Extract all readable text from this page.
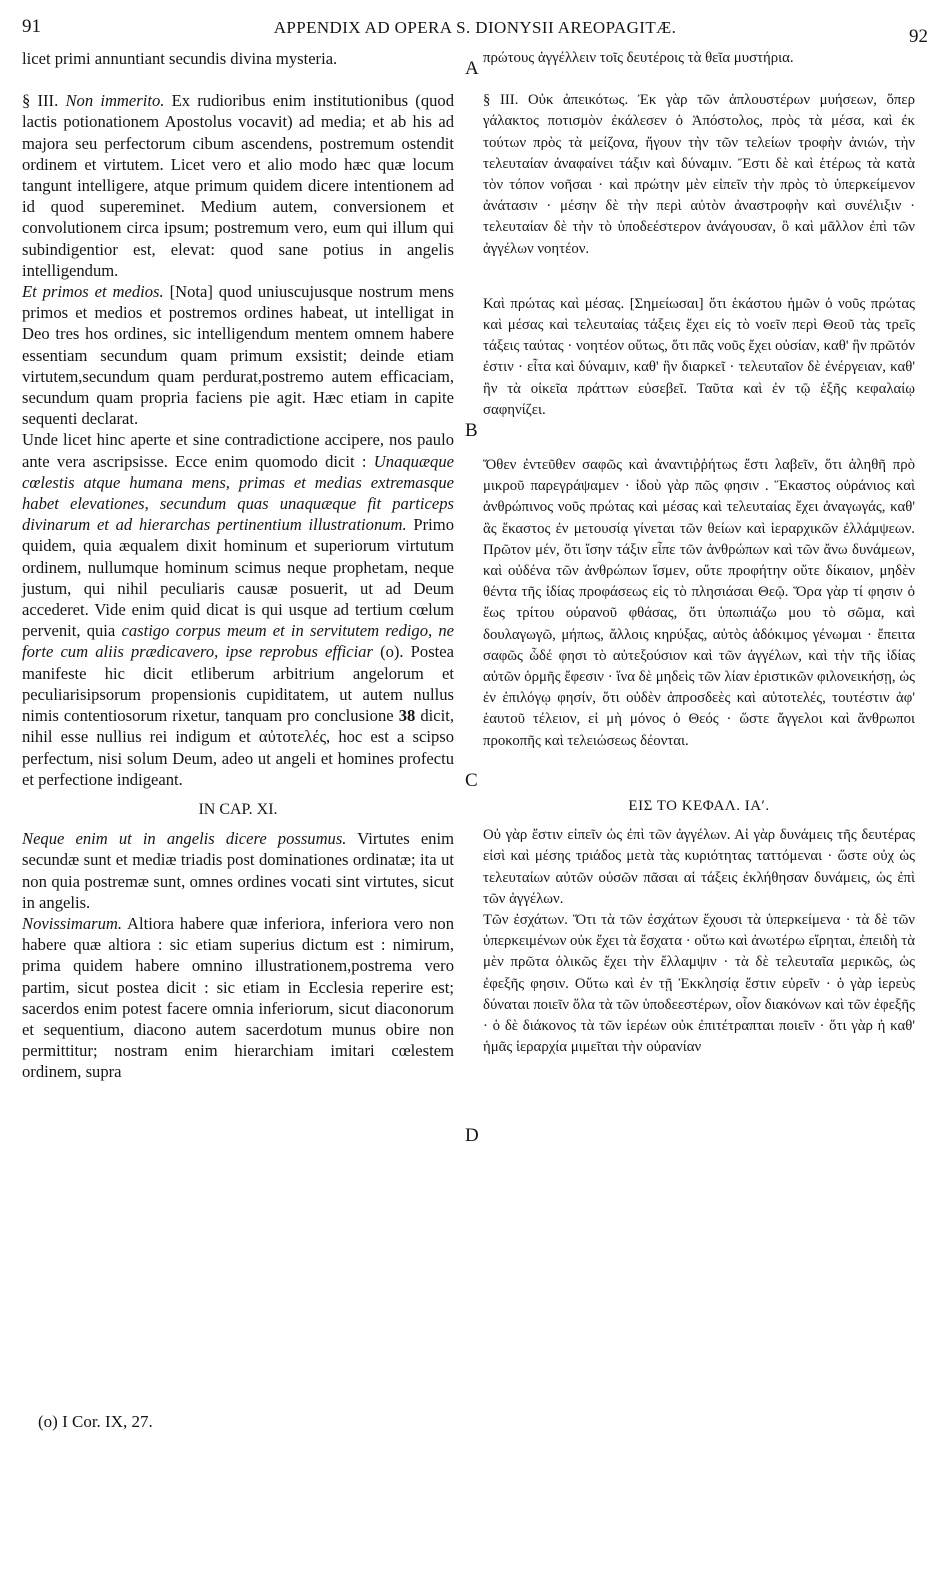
91	APPENDIX AD OPERA S. DIONYSII AREOPAGITÆ.	92

licet primi annuntiant secundis divina mysteria.

§ III. Non immerito. Ex rudioribus enim institutionibus (quod lactis potionationem Apostolus vocavit) ad media; et ab his ad majora seu perfectorum cibum ascendens, postremum ostendit ordinem et virtutem. Licet vero et alio modo hæc quæ locum tangunt intelligere, atque primum quidem dicere intentionem ad id quod supereminet. Medium autem, conversionem et convolutionem circa ipsum; postremum vero, eum qui illum qui subindigentior est, elevat: quod sane potius in angelis intelligendum.

Et primos et medios. [Nota] quod uniuscujusque nostrum mens primos et medios et postremos ordines habeat, ut intelligat in Deo tres hos ordines, sic intelligendum mentem omnem habere essentiam secundum quam primum exsistit; deinde etiam virtutem,secundum quam perdurat,postremo autem efficaciam, secundum quam propria faciens pie agit. Hæc etiam in capite sequenti declarat.

Unde licet hinc aperte et sine contradictione accipere, nos paulo ante vera ascripsisse. Ecce enim quomodo dicit : Unaquæque cœlestis atque humana mens, primas et medias extremasque habet elevationes, secundum quas unaquæque fit particeps divinarum et ad hierarchas pertinentium illustrationum. Primo quidem, quia æqualem dixit hominum et superiorum virtutum ordinem, nullumque hominum scimus neque prophetam, neque justum, qui nihil peculiaris causæ posuerit, ut ad Deum accederet. Vide enim quid dicat is qui usque ad tertium cœlum pervenit, quia castigo corpus meum et in servitutem redigo, ne forte cum aliis prædicavero, ipse reprobus efficiar (o). Postea manifeste hic dicit etliberum arbitrium angelorum et peculiarisipsorum propensionis cupiditatem, ut autem nullus nimis contentiosorum rixetur, tanquam pro conclusione 38 dicit, nihil esse nullius rei indigum et αὐτοτελές, hoc est a scipso perfectum, nisi solum Deum, adeo ut angeli et homines profectu et perfectione indigeant.

IN CAP. XI.

Neque enim ut in angelis dicere possumus. Virtutes enim secundæ sunt et mediæ triadis post dominationes ordinatæ; ita ut non quia postremæ sunt, omnes ordines vocati sint virtutes, sicut in angelis.

Novissimarum. Altiora habere quæ inferiora, inferiora vero non habere quæ altiora : sic etiam superius dictum est : nimirum, prima quidem habere omnino illustrationem,postrema vero partim, sicut postea dicit : sic etiam in Ecclesia reperire est; sacerdos enim potest facere omnia inferiorum, sicut diaconorum et sequentium, diacono autem sacerdotum munus obire non permittitur; nostram enim hierarchiam imitari cœlestem ordinem, supra

A
B
C
D

πρώτους ἀγγέλλειν τοῖς δευτέροις τὰ θεῖα μυστήρια.

§ III. Οὐκ ἀπεικότως. Ἐκ γὰρ τῶν ἁπλουστέρων μυήσεων, ὅπερ γάλακτος ποτισμὸν ἐκάλεσεν ὁ Ἀπόστολος, πρὸς τὰ μέσα, καὶ ἐκ τούτων πρὸς τὰ μείζονα, ἤγουν τὴν τῶν τελείων τροφὴν ἀνιών, τὴν τελευταίαν ἀναφαίνει τάξιν καὶ δύναμιν. Ἔστι δὲ καὶ ἑτέρως τὰ κατὰ τὸν τόπον νοῆσαι · καὶ πρώτην μὲν εἰπεῖν τὴν πρὸς τὸ ὑπερκείμενον ἀνάτασιν · μέσην δὲ τὴν περὶ αὐτὸν ἀναστροφὴν καὶ συνέλιξιν · τελευταίαν δὲ τὴν τὸ ὑποδεέστερον ἀνάγουσαν, ὃ καὶ μᾶλλον ἐπὶ τῶν ἀγγέλων νοητέον.

Καὶ πρώτας καὶ μέσας. [Σημείωσαι] ὅτι ἑκάστου ἡμῶν ὁ νοῦς πρώτας καὶ μέσας καὶ τελευταίας τάξεις ἔχει εἰς τὸ νοεῖν περὶ Θεοῦ τὰς τρεῖς τάξεις ταύτας · νοητέον οὕτως, ὅτι πᾶς νοῦς ἔχει οὐσίαν, καθ' ἣν πρῶτόν ἐστιν · εἶτα καὶ δύναμιν, καθ' ἣν διαρκεῖ · τελευταῖον δὲ ἐνέργειαν, καθ' ἣν τὰ οἰκεῖα πράττων εὐσεβεῖ. Ταῦτα καὶ ἐν τῷ ἑξῆς κεφαλαίῳ σαφηνίζει.

Ὅθεν ἐντεῦθεν σαφῶς καὶ ἀναντιῤῥήτως ἔστι λαβεῖν, ὅτι ἀληθῆ πρὸ μικροῦ παρεγράψαμεν · ἰδοὺ γὰρ πῶς φησιν . Ἕκαστος οὐράνιος καὶ ἀνθρώπινος νοῦς πρώτας καὶ μέσας καὶ τελευταίας ἔχει ἀναγωγάς, καθ' ἃς ἕκαστος ἐν μετουσίᾳ γίνεται τῶν θείων καὶ ἱεραρχικῶν ἐλλάμψεων. Πρῶτον μέν, ὅτι ἴσην τάξιν εἶπε τῶν ἀνθρώπων καὶ τῶν ἄνω δυνάμεων, καὶ οὐδένα τῶν ἀνθρώπων ἴσμεν, οὔτε προφήτην οὔτε δίκαιον, μηδὲν θέντα τῆς ἰδίας προφάσεως εἰς τὸ πλησιάσαι Θεῷ. Ὅρα γὰρ τί φησιν ὁ ἕως τρίτου οὐρανοῦ φθάσας, ὅτι ὑπωπιάζω μου τὸ σῶμα, καὶ δουλαγωγῶ, μήπως, ἄλλοις κηρύξας, αὐτὸς ἀδόκιμος γένωμαι · ἔπειτα σαφῶς ὧδέ φησι τὸ αὐτεξούσιον καὶ τῶν ἀγγέλων, καὶ τὴν τῆς ἰδίας αὐτῶν ὁρμῆς ἔφεσιν · ἵνα δὲ μηδεὶς τῶν λίαν ἐριστικῶν φιλονεικήσῃ, ὡς ἐν ἐπιλόγῳ φησίν, ὅτι οὐδὲν ἀπροσδεὲς καὶ αὐτοτελές, τουτέστιν ἀφ' ἑαυτοῦ τέλειον, εἰ μὴ μόνος ὁ Θεός · ὥστε ἄγγελοι καὶ ἄνθρωποι προκοπῆς καὶ τελειώσεως δέονται.

ΕΙΣ ΤΟ ΚΕΦΑΛ. ΙΑʹ.

Οὐ γὰρ ἔστιν εἰπεῖν ὡς ἐπὶ τῶν ἀγγέλων. Αἱ γὰρ δυνάμεις τῆς δευτέρας εἰσὶ καὶ μέσης τριάδος μετὰ τὰς κυριότητας ταττόμεναι · ὥστε οὐχ ὡς τελευταίων αὐτῶν οὐσῶν πᾶσαι αἱ τάξεις ἐκλήθησαν δυνάμεις, ὡς ἐπὶ τῶν ἀγγέλων.

Τῶν ἐσχάτων. Ὅτι τὰ τῶν ἐσχάτων ἔχουσι τὰ ὑπερκείμενα · τὰ δὲ τῶν ὑπερκειμένων οὐκ ἔχει τὰ ἔσχατα · οὕτω καὶ ἀνωτέρω εἴρηται, ἐπειδὴ τὰ μὲν πρῶτα ὁλικῶς ἔχει τὴν ἔλλαμψιν · τὰ δὲ τελευταῖα μερικῶς, ὡς ἐφεξῆς φησιν. Οὕτω καὶ ἐν τῇ Ἐκκλησίᾳ ἔστιν εὑρεῖν · ὁ γὰρ ἱερεὺς δύναται ποιεῖν ὅλα τὰ τῶν ὑποδεεστέρων, οἷον διακόνων καὶ τῶν ἐφεξῆς · ὁ δὲ διάκονος τὰ τῶν ἱερέων οὐκ ἐπιτέτραπται ποιεῖν · ὅτι γὰρ ἡ καθ' ἡμᾶς ἱεραρχία μιμεῖται τὴν οὐρανίαν

(o) I Cor. IX, 27.
